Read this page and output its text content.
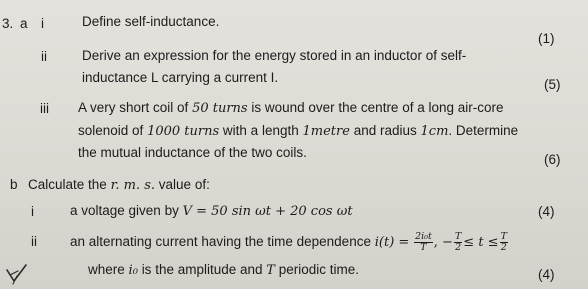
3. a i	Define self-inductance.
(1)
ii	Derive an expression for the energy stored in an inductor of self-
inductance L carrying a current I.	(5)
iii A very short coil of 50 turns is wound over the centre of a long air-core
solenoid of 1000 turns with a length 1metre and radius 1cm. Determine
the mutual inductance of the two coils.	(6)
b Calculate the r. m. s. value of:
i	a voltage given by V = 50 sin ωt + 20 cos ωt	(4)
ii an alternating current having the time dependence $i(t) = \frac{\text{2i₀t}}{T}$ , − $\frac{T}{2} \le t \le \frac{T}{2}$
where i₀ is the amplitude and T periodic time.	(4)
